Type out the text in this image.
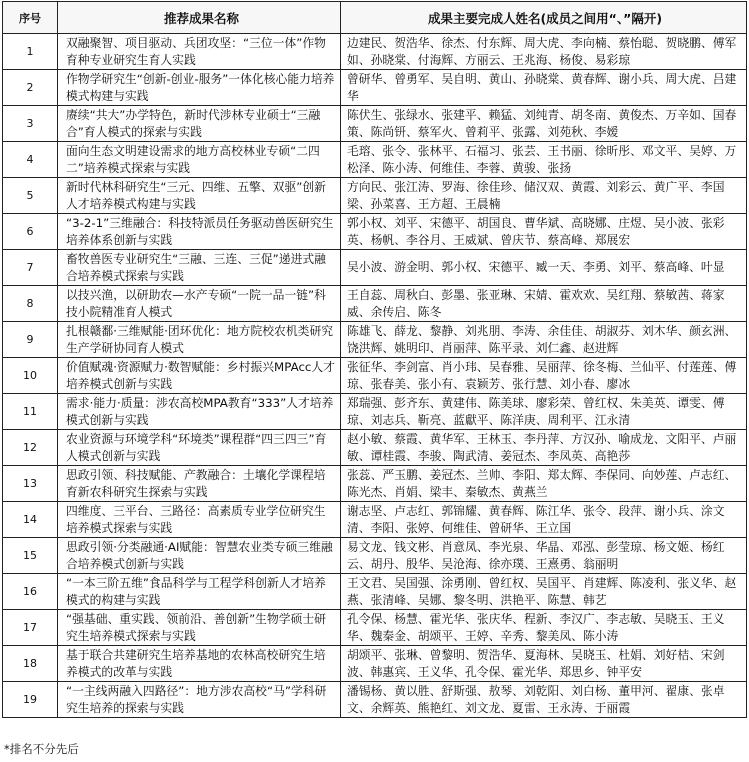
序号	推荐成果名称	成果主要完成人姓名(成员之间用“、”隔开)

1	双融聚智、项目驱动、兵团攻坚：“三位一体”作物育种专业研究生育人实践	边建民、贺浩华、徐杰、付东辉、周大虎、李向楠、蔡怡聪、贺晓鹏、傅军如、孙晓棠、付海辉、方丽云、王兆海、杨俊、易彩琼

2	作物学研究生“创新-创业-服务”一体化核心能力培养模式构建与实践	曾研华、曾勇军、吴自明、黄山、孙晓棠、黄春辉、谢小兵、周大虎、吕建华

3	赓续“共大”办学特色，新时代涉林专业硕士“三融合”育人模式的探索与实践	陈伏生、张绿水、张建平、赖猛、刘纯青、胡冬南、黄俊杰、万辛如、国春策、陈尚钘、蔡军火、曾莉平、张露、刘苑秋、李嫒

4	面向生态文明建设需求的地方高校林业专硕“二四二”培养模式探索与实践	毛瑢、张令、张林平、石福习、张芸、王书丽、徐昕彤、邓文平、吴婷、万松泽、陈小涛、何维佳、李蓉、黄骏、张扬

5	新时代林科研究生“三元、四维、五擎、双驱”创新人才培养模式构建与实践	方向民、张江涛、罗海、徐佳珍、储汉双、黄霞、刘彩云、黄广平、李国梁、孙菜喜、王方超、王晨楠

6	“3-2-1”三维融合：科技特派员任务驱动兽医研究生培养体系创新与实践	郭小权、刘平、宋德平、胡国良、曹华斌、高晓娜、庄煜、吴小波、张彩英、杨帆、李谷月、王威斌、曾庆节、蔡高峰、郑展宏

7	畜牧兽医专业研究生“三融、三连、三促”递进式融合培养模式探索与实践	吴小波、游金明、郭小权、宋德平、臧一天、李勇、刘平、蔡高峰、叶显

8	以技兴渔，以研助农—水产专硕“一院一品一链”科技小院精准育人模式	王自蕊、周秋白、彭墨、张亚琳、宋婧、霍欢欢、吴红翔、蔡敏茜、蒋家威、余传启、陈冬

9	扎根赣鄱·三维赋能·团环优化：地方院校农机类研究生产学研协同育人模式	陈雄飞、薛龙、黎静、刘兆朋、李涛、余佳佳、胡淑芬、刘木华、颜玄洲、饶洪辉、姚明印、肖丽萍、陈平录、刘仁鑫、赵进辉

10	价值赋魂·资源赋力·数智赋能：乡村振兴MPAcc人才培养模式创新与实践	张征华、李剑富、肖小玮、吴春雅、吴丽萍、徐冬梅、兰仙平、付莲莲、傅琼、张春美、张小有、袁颖芳、张行慧、刘小春、廖冰

11	需求·能力·质量：涉农高校MPA教育“333”人才培养模式创新与实践	郑瑞强、彭齐东、黄建伟、陈美球、廖彩荣、曾红权、朱美英、谭雯、傅琼、刘志兵、靳亮、蓝獻平、陈洋庚、周利平、江永清

12	农业资源与环境学科“环境类”课程群“四三四三”育人模式创新与实践	赵小敏、蔡霞、黄华军、王林玉、李丹萍、方汉孙、喻成龙、文阳平、卢丽敏、谭桂霞、李骏、陶武清、姜冠杰、李凤英、高艳莎

13	思政引领、科技赋能、产教融合：土壤化学课程培育新农科研究生探索与实践	张蕊、严玉鹏、姜冠杰、兰帅、李阳、郑太辉、李保同、向妙莲、卢志红、陈光杰、肖娟、梁丰、秦敏杰、黄燕兰

14	四维度、三平台、三路径：高素质专业学位研究生培养模式探索与实践	谢志坚、卢志红、郭锦耀、黄春辉、陈江华、张令、段萍、谢小兵、涂文清、李阳、张婷、何维佳、曾研华、王立国

15	思政引领·分类融通·AI赋能：智慧农业类专硕三维融合培养模式创新与实践	易文龙、钱文彬、肖意凤、李光泉、华晶、邓泓、彭莹琼、杨文姬、杨红云、胡丹、殷华、吴沧海、徐亦璞、王熹勇、翁丽明

16	“一本三阶五维”食品科学与工程学科创新人才培养模式的构建与实践	王文君、吴国强、涂勇刚、曾红权、吴国平、肖建辉、陈凌利、张义华、赵燕、张清峰、吴娜、黎冬明、洪艳平、陈慧、韩艺

17	“强基础、重实践、领前沿、善创新”生物学硕士研究生培养模式探索与实践	孔令保、杨慧、霍光华、张庆华、程新、李汉广、李志敏、吴晓玉、王义华、魏秦金、胡颂平、王婷、辛秀、黎美凤、陈小涛

18	基于联合共建研究生培养基地的农林高校研究生培养模式的改革与实践	胡颂平、张琳、曾黎明、贺浩华、夏海林、吴晓玉、杜娟、刘好桔、宋剑波、韩惠宾、王义华、孔令保、霍光华、郑思乡、钟平安

19	“一主线两融入四路径”：地方涉农高校“马”学科研究生培养的探索与实践	潘锡杨、黄以胜、舒斯强、敖琴、刘乾阳、刘白杨、董甲河、翟康、张卓文、余辉英、熊艳红、刘文龙、夏雷、王永涛、于丽霞
*排名不分先后
